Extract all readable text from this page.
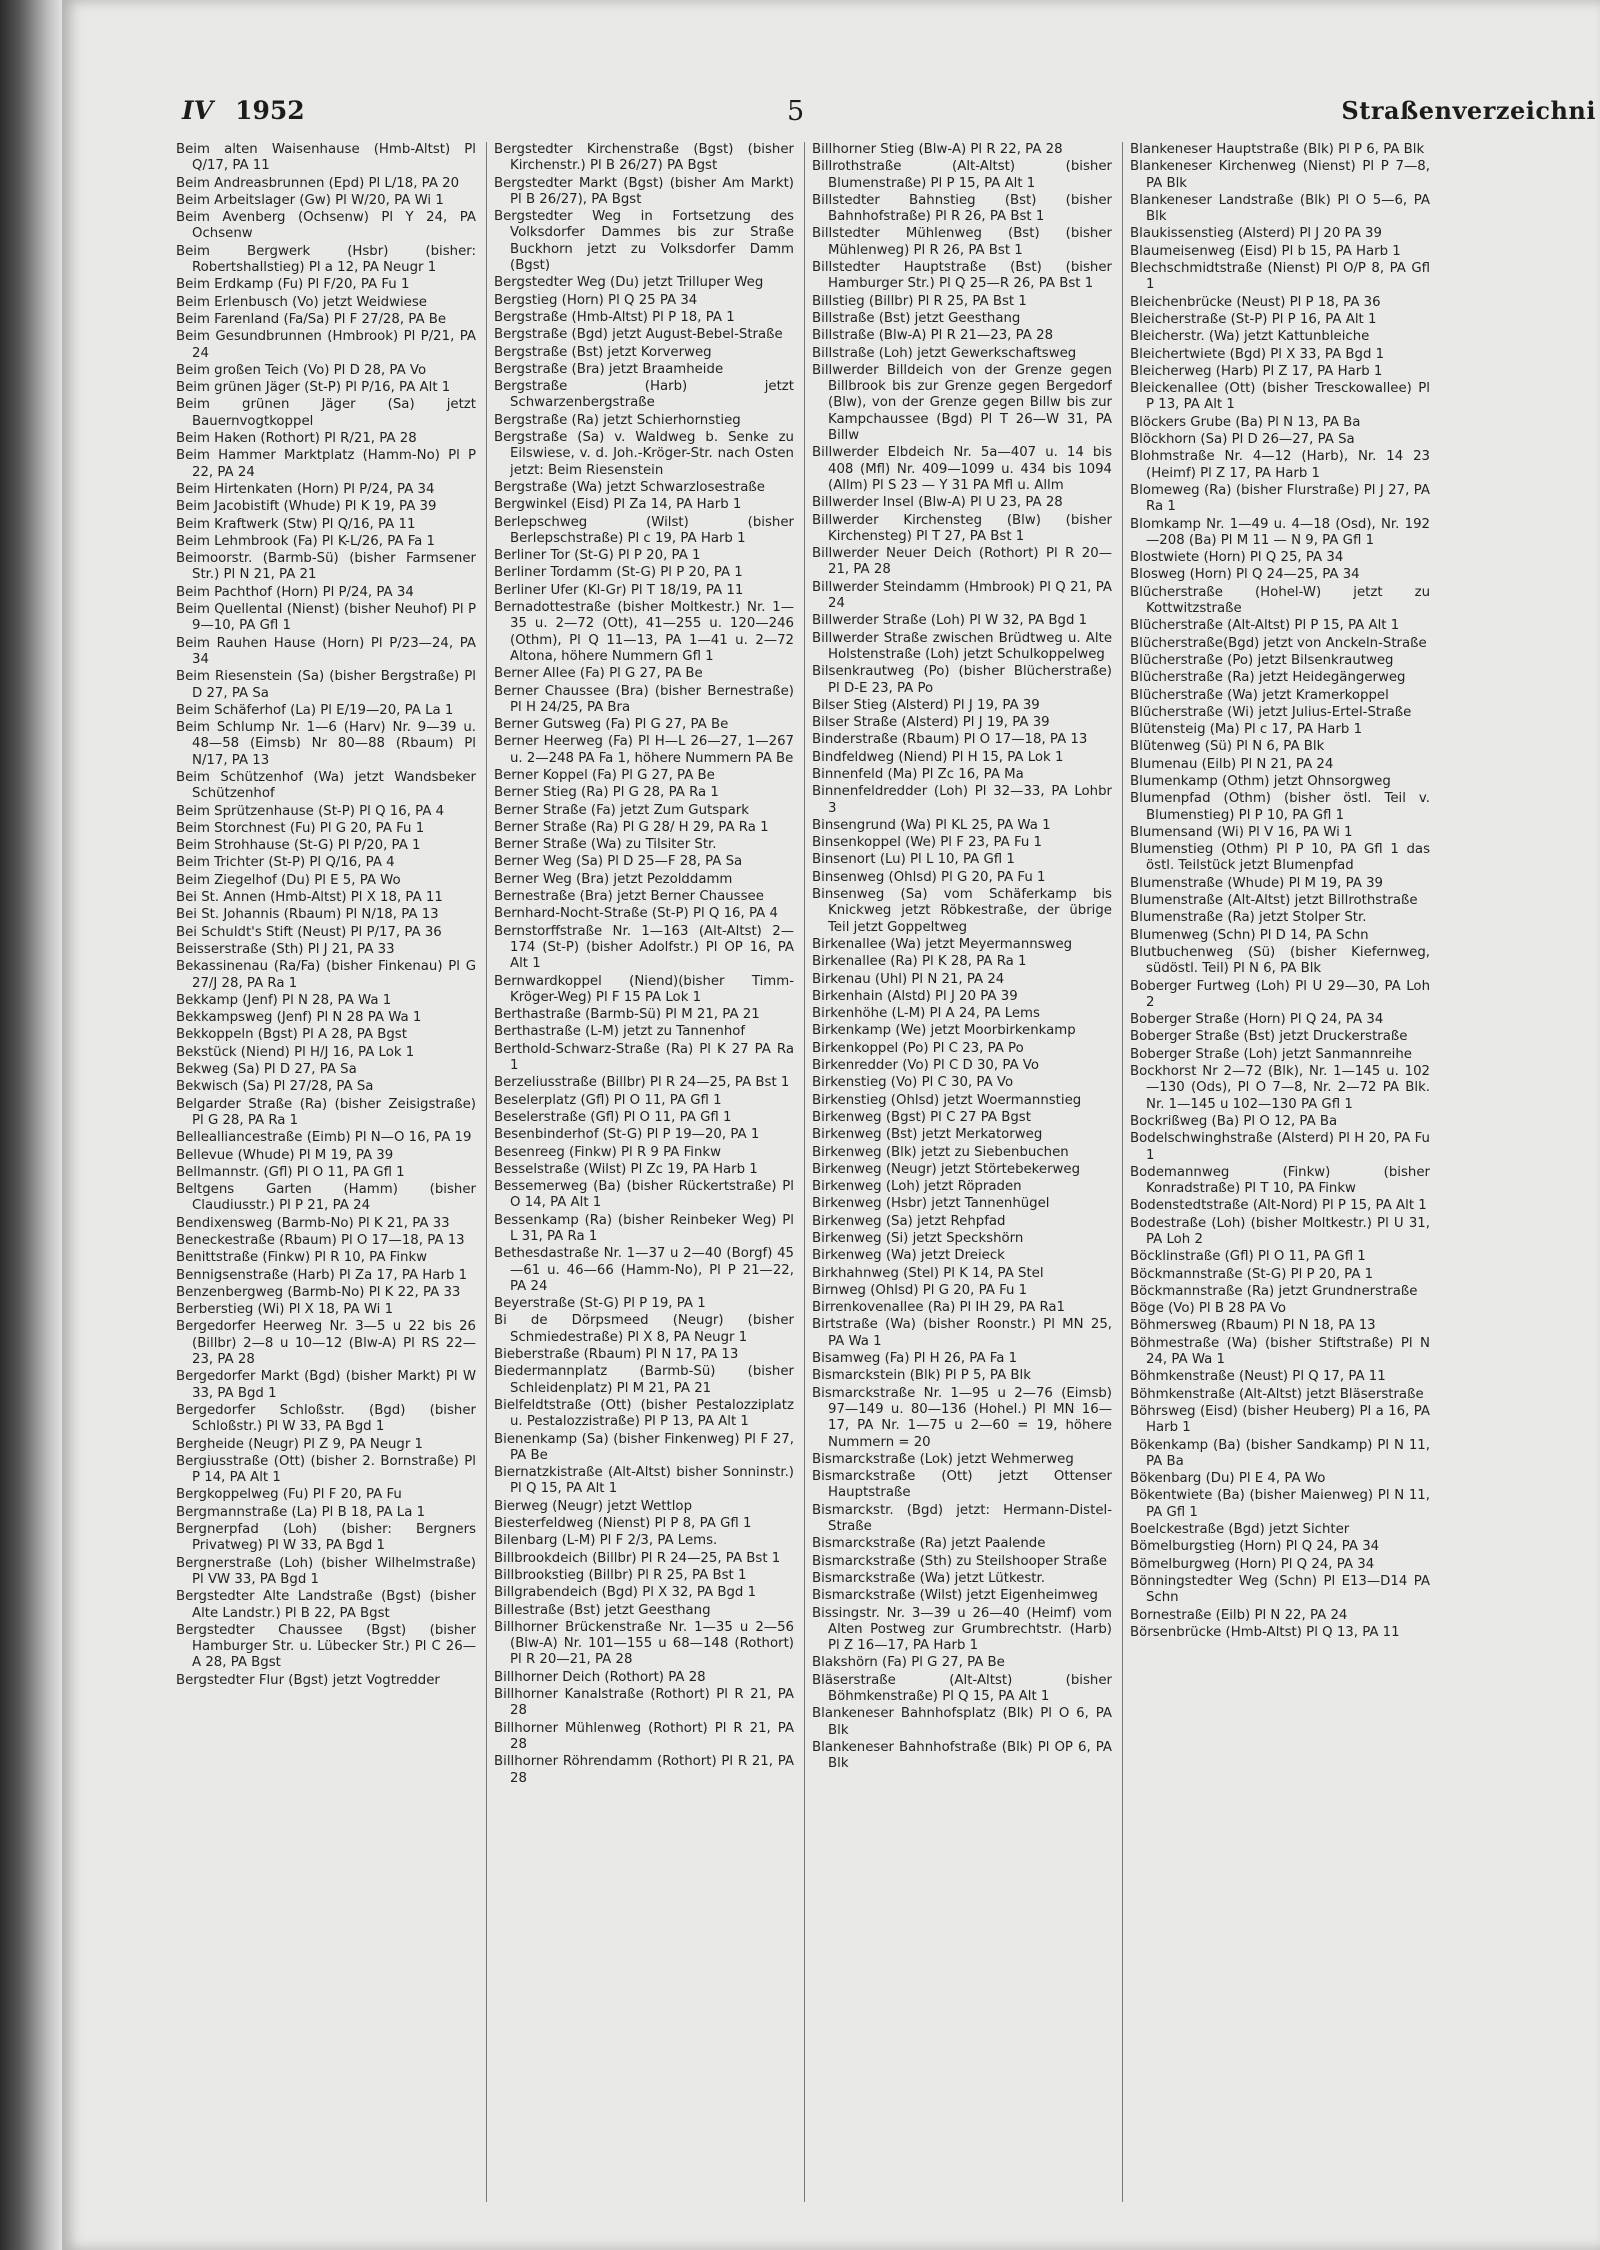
IV 1952	5	Straßenverzeichni
Beim alten Waisenhause (Hmb-Altst) Pl Q/17, PA 11
Beim Andreasbrunnen (Epd) Pl L/18, PA 20
Beim Arbeitslager (Gw) Pl W/20, PA Wi 1
Beim Avenberg (Ochsenw) Pl Y 24, PA Ochsenw
Beim Bergwerk (Hsbr) (bisher: Robertshallstieg) Pl a 12, PA Neugr 1
Beim Erdkamp (Fu) Pl F/20, PA Fu 1
Beim Erlenbusch (Vo) jetzt Weidwiese
Beim Farenland (Fa/Sa) Pl F 27/28, PA Be
Beim Gesundbrunnen (Hmbrook) Pl P/21, PA 24
Beim großen Teich (Vo) Pl D 28, PA Vo
Beim grünen Jäger (St-P) Pl P/16, PA Alt 1
Beim grünen Jäger (Sa) jetzt Bauernvogtkoppel
Beim Haken (Rothort) Pl R/21, PA 28
Beim Hammer Marktplatz (Hamm-No) Pl P 22, PA 24
Beim Hirtenkaten (Horn) Pl P/24, PA 34
Beim Jacobistift (Whude) Pl K 19, PA 39
Beim Kraftwerk (Stw) Pl Q/16, PA 11
Beim Lehmbrook (Fa) Pl K-L/26, PA Fa 1
Beimoorstr. (Barmb-Sü) (bisher Farmsener Str.) Pl N 21, PA 21
Beim Pachthof (Horn) Pl P/24, PA 34
Beim Quellental (Nienst) (bisher Neuhof) Pl P 9—10, PA Gfl 1
Beim Rauhen Hause (Horn) Pl P/23—24, PA 34
Beim Riesenstein (Sa) (bisher Bergstraße) Pl D 27, PA Sa
Beim Schäferhof (La) Pl E/19—20, PA La 1
Beim Schlump Nr. 1—6 (Harv) Nr. 9—39 u. 48—58 (Eimsb) Nr 80—88 (Rbaum) Pl N/17, PA 13
Beim Schützenhof (Wa) jetzt Wandsbeker Schützenhof
Beim Sprützenhause (St-P) Pl Q 16, PA 4
Beim Storchnest (Fu) Pl G 20, PA Fu 1
Beim Strohhause (St-G) Pl P/20, PA 1
Beim Trichter (St-P) Pl Q/16, PA 4
Beim Ziegelhof (Du) Pl E 5, PA Wo
Bei St. Annen (Hmb-Altst) Pl X 18, PA 11
Bei St. Johannis (Rbaum) Pl N/18, PA 13
Bei Schuldt's Stift (Neust) Pl P/17, PA 36
Beisserstraße (Sth) Pl J 21, PA 33
Bekassinenau (Ra/Fa) (bisher Finkenau) Pl G 27/J 28, PA Ra 1
Bekkamp (Jenf) Pl N 28, PA Wa 1
Bekkampsweg (Jenf) Pl N 28 PA Wa 1
Bekkoppeln (Bgst) Pl A 28, PA Bgst
Bekstück (Niend) Pl H/J 16, PA Lok 1
Bekweg (Sa) Pl D 27, PA Sa
Bekwisch (Sa) Pl 27/28, PA Sa
Belgarder Straße (Ra) (bisher Zeisigstraße) Pl G 28, PA Ra 1
Bellealliancestraße (Eimb) Pl N—O 16, PA 19
Bellevue (Whude) Pl M 19, PA 39
Bellmannstr. (Gfl) Pl O 11, PA Gfl 1
Beltgens Garten (Hamm) (bisher Claudiusstr.) Pl P 21, PA 24
Bendixensweg (Barmb-No) Pl K 21, PA 33
Beneckestraße (Rbaum) Pl O 17—18, PA 13
Benittstraße (Finkw) Pl R 10, PA Finkw
Bennigsenstraße (Harb) Pl Za 17, PA Harb 1
Benzenbergweg (Barmb-No) Pl K 22, PA 33
Berberstieg (Wi) Pl X 18, PA Wi 1
Bergedorfer Heerweg Nr. 3—5 u 22 bis 26 (Billbr) 2—8 u 10—12 (Blw-A) Pl RS 22—23, PA 28
Bergedorfer Markt (Bgd) (bisher Markt) Pl W 33, PA Bgd 1
Bergedorfer Schloßstr. (Bgd) (bisher Schloßstr.) Pl W 33, PA Bgd 1
Bergheide (Neugr) Pl Z 9, PA Neugr 1
Bergiusstraße (Ott) (bisher 2. Bornstraße) Pl P 14, PA Alt 1
Bergkoppelweg (Fu) Pl F 20, PA Fu
Bergmannstraße (La) Pl B 18, PA La 1
Bergnerpfad (Loh) (bisher: Bergners Privatweg) Pl W 33, PA Bgd 1
Bergnerstraße (Loh) (bisher Wilhelmstraße) Pl VW 33, PA Bgd 1
Bergstedter Alte Landstraße (Bgst) (bisher Alte Landstr.) Pl B 22, PA Bgst
Bergstedter Chaussee (Bgst) (bisher Hamburger Str. u. Lübecker Str.) Pl C 26—A 28, PA Bgst
Bergstedter Flur (Bgst) jetzt Vogtredder
Bergstedter Kirchenstraße (Bgst) (bisher Kirchenstr.) Pl B 26/27) PA Bgst
Bergstedter Markt (Bgst) (bisher Am Markt) Pl B 26/27), PA Bgst
Bergstedter Weg in Fortsetzung des Volksdorfer Dammes bis zur Straße Buckhorn jetzt zu Volksdorfer Damm (Bgst)
Bergstedter Weg (Du) jetzt Trilluper Weg
Bergstieg (Horn) Pl Q 25 PA 34
Bergstraße (Hmb-Altst) Pl P 18, PA 1
Bergstraße (Bgd) jetzt August-Bebel-Straße
Bergstraße (Bst) jetzt Korverweg
Bergstraße (Bra) jetzt Braamheide
Bergstraße (Harb) jetzt Schwarzenbergstraße
Bergstraße (Ra) jetzt Schierhornstieg
Bergstraße (Sa) v. Waldweg b. Senke zu Eilswiese, v. d. Joh.-Kröger-Str. nach Osten jetzt: Beim Riesenstein
Bergstraße (Wa) jetzt Schwarzlosestraße
Bergwinkel (Eisd) Pl Za 14, PA Harb 1
Berlepschweg (Wilst) (bisher Berlepschstraße) Pl c 19, PA Harb 1
Berliner Tor (St-G) Pl P 20, PA 1
Berliner Tordamm (St-G) Pl P 20, PA 1
Berliner Ufer (Kl-Gr) Pl T 18/19, PA 11
Bernadottestraße (bisher Moltkestr.) Nr. 1—35 u. 2—72 (Ott), 41—255 u. 120—246 (Othm), Pl Q 11—13, PA 1—41 u. 2—72 Altona, höhere Nummern Gfl 1
Berner Allee (Fa) Pl G 27, PA Be
Berner Chaussee (Bra) (bisher Bernestraße) Pl H 24/25, PA Bra
Berner Gutsweg (Fa) Pl G 27, PA Be
Berner Heerweg (Fa) Pl H—L 26—27, 1—267 u. 2—248 PA Fa 1, höhere Nummern PA Be
Berner Koppel (Fa) Pl G 27, PA Be
Berner Stieg (Ra) Pl G 28, PA Ra 1
Berner Straße (Fa) jetzt Zum Gutspark
Berner Straße (Ra) Pl G 28/ H 29, PA Ra 1
Berner Straße (Wa) zu Tilsiter Str.
Berner Weg (Sa) Pl D 25—F 28, PA Sa
Berner Weg (Bra) jetzt Pezolddamm
Bernestraße (Bra) jetzt Berner Chaussee
Bernhard-Nocht-Straße (St-P) Pl Q 16, PA 4
Bernstorffstraße Nr. 1—163 (Alt-Altst) 2—174 (St-P) (bisher Adolfstr.) Pl OP 16, PA Alt 1
Bernwardkoppel (Niend)(bisher Timm-Kröger-Weg) Pl F 15 PA Lok 1
Berthastraße (Barmb-Sü) Pl M 21, PA 21
Berthastraße (L-M) jetzt zu Tannenhof
Berthold-Schwarz-Straße (Ra) Pl K 27 PA Ra 1
Berzeliusstraße (Billbr) Pl R 24—25, PA Bst 1
Beselerplatz (Gfl) Pl O 11, PA Gfl 1
Beselerstraße (Gfl) Pl O 11, PA Gfl 1
Besenbinderhof (St-G) Pl P 19—20, PA 1
Besenreeg (Finkw) Pl R 9 PA Finkw
Besselstraße (Wilst) Pl Zc 19, PA Harb 1
Bessemerweg (Ba) (bisher Rückertstraße) Pl O 14, PA Alt 1
Bessenkamp (Ra) (bisher Reinbeker Weg) Pl L 31, PA Ra 1
Bethesdastraße Nr. 1—37 u 2—40 (Borgf) 45—61 u. 46—66 (Hamm-No), Pl P 21—22, PA 24
Beyerstraße (St-G) Pl P 19, PA 1
Bi de Dörpsmeed (Neugr) (bisher Schmiedestraße) Pl X 8, PA Neugr 1
Bieberstraße (Rbaum) Pl N 17, PA 13
Biedermannplatz (Barmb-Sü) (bisher Schleidenplatz) Pl M 21, PA 21
Bielfeldtstraße (Ott) (bisher Pestalozziplatz u. Pestalozzistraße) Pl P 13, PA Alt 1
Bienenkamp (Sa) (bisher Finkenweg) Pl F 27, PA Be
Biernatzkistraße (Alt-Altst) bisher Sonninstr.) Pl Q 15, PA Alt 1
Bierweg (Neugr) jetzt Wettlop
Biesterfeldweg (Nienst) Pl P 8, PA Gfl 1
Bilenbarg (L-M) Pl F 2/3, PA Lems.
Billbrookdeich (Billbr) Pl R 24—25, PA Bst 1
Billbrookstieg (Billbr) Pl R 25, PA Bst 1
Billgrabendeich (Bgd) Pl X 32, PA Bgd 1
Billestraße (Bst) jetzt Geesthang
Billhorner Brückenstraße Nr. 1—35 u 2—56 (Blw-A) Nr. 101—155 u 68—148 (Rothort) Pl R 20—21, PA 28
Billhorner Deich (Rothort) PA 28
Billhorner Kanalstraße (Rothort) Pl R 21, PA 28
Billhorner Mühlenweg (Rothort) Pl R 21, PA 28
Billhorner Röhrendamm (Rothort) Pl R 21, PA 28
Billhorner Stieg (Blw-A) Pl R 22, PA 28
Billrothstraße (Alt-Altst) (bisher Blumenstraße) Pl P 15, PA Alt 1
Billstedter Bahnstieg (Bst) (bisher Bahnhofstraße) Pl R 26, PA Bst 1
Billstedter Mühlenweg (Bst) (bisher Mühlenweg) Pl R 26, PA Bst 1
Billstedter Hauptstraße (Bst) (bisher Hamburger Str.) Pl Q 25—R 26, PA Bst 1
Billstieg (Billbr) Pl R 25, PA Bst 1
Billstraße (Bst) jetzt Geesthang
Billstraße (Blw-A) Pl R 21—23, PA 28
Billstraße (Loh) jetzt Gewerkschaftsweg
Billwerder Billdeich von der Grenze gegen Billbrook bis zur Grenze gegen Bergedorf (Blw), von der Grenze gegen Billw bis zur Kampchaussee (Bgd) Pl T 26—W 31, PA Billw
Billwerder Elbdeich Nr. 5a—407 u. 14 bis 408 (Mfl) Nr. 409—1099 u. 434 bis 1094 (Allm) Pl S 23 — Y 31 PA Mfl u. Allm
Billwerder Insel (Blw-A) Pl U 23, PA 28
Billwerder Kirchensteg (Blw) (bisher Kirchensteg) Pl T 27, PA Bst 1
Billwerder Neuer Deich (Rothort) Pl R 20—21, PA 28
Billwerder Steindamm (Hmbrook) Pl Q 21, PA 24
Billwerder Straße (Loh) Pl W 32, PA Bgd 1
Billwerder Straße zwischen Brüdtweg u. Alte Holstenstraße (Loh) jetzt Schulkoppelweg
Bilsenkrautweg (Po) (bisher Blücherstraße) Pl D-E 23, PA Po
Bilser Stieg (Alsterd) Pl J 19, PA 39
Bilser Straße (Alsterd) Pl J 19, PA 39
Binderstraße (Rbaum) Pl O 17—18, PA 13
Bindfeldweg (Niend) Pl H 15, PA Lok 1
Binnenfeld (Ma) Pl Zc 16, PA Ma
Binnenfeldredder (Loh) Pl 32—33, PA Lohbr 3
Binsengrund (Wa) Pl KL 25, PA Wa 1
Binsenkoppel (We) Pl F 23, PA Fu 1
Binsenort (Lu) Pl L 10, PA Gfl 1
Binsenweg (Ohlsd) Pl G 20, PA Fu 1
Binsenweg (Sa) vom Schäferkamp bis Knickweg jetzt Röbkestraße, der übrige Teil jetzt Goppeltweg
Birkenallee (Wa) jetzt Meyermannsweg
Birkenallee (Ra) Pl K 28, PA Ra 1
Birkenau (Uhl) Pl N 21, PA 24
Birkenhain (Alstd) Pl J 20 PA 39
Birkenhöhe (L-M) Pl A 24, PA Lems
Birkenkamp (We) jetzt Moorbirkenkamp
Birkenkoppel (Po) Pl C 23, PA Po
Birkenredder (Vo) Pl C D 30, PA Vo
Birkenstieg (Vo) Pl C 30, PA Vo
Birkenstieg (Ohlsd) jetzt Woermannstieg
Birkenweg (Bgst) Pl C 27 PA Bgst
Birkenweg (Bst) jetzt Merkatorweg
Birkenweg (Blk) jetzt zu Siebenbuchen
Birkenweg (Neugr) jetzt Störtebekerweg
Birkenweg (Loh) jetzt Röpraden
Birkenweg (Hsbr) jetzt Tannenhügel
Birkenweg (Sa) jetzt Rehpfad
Birkenweg (Si) jetzt Speckshörn
Birkenweg (Wa) jetzt Dreieck
Birkhahnweg (Stel) Pl K 14, PA Stel
Birnweg (Ohlsd) Pl G 20, PA Fu 1
Birrenkovenallee (Ra) Pl IH 29, PA Ra1
Birtstraße (Wa) (bisher Roonstr.) Pl MN 25, PA Wa 1
Bisamweg (Fa) Pl H 26, PA Fa 1
Bismarckstein (Blk) Pl P 5, PA Blk
Bismarckstraße Nr. 1—95 u 2—76 (Eimsb) 97—149 u. 80—136 (Hohel.) Pl MN 16—17, PA Nr. 1—75 u 2—60 = 19, höhere Nummern = 20
Bismarckstraße (Lok) jetzt Wehmerweg
Bismarckstraße (Ott) jetzt Ottenser Hauptstraße
Bismarckstr. (Bgd) jetzt: Hermann-Distel-Straße
Bismarckstraße (Ra) jetzt Paalende
Bismarckstraße (Sth) zu Steilshooper Straße
Bismarckstraße (Wa) jetzt Lütkestr.
Bismarckstraße (Wilst) jetzt Eigenheimweg
Bissingstr. Nr. 3—39 u 26—40 (Heimf) vom Alten Postweg zur Grumbrechtstr. (Harb) Pl Z 16—17, PA Harb 1
Blakshörn (Fa) Pl G 27, PA Be
Bläserstraße (Alt-Altst) (bisher Böhmkenstraße) Pl Q 15, PA Alt 1
Blankeneser Bahnhofsplatz (Blk) Pl O 6, PA Blk
Blankeneser Bahnhofstraße (Blk) Pl OP 6, PA Blk
Blankeneser Hauptstraße (Blk) Pl P 6, PA Blk
Blankeneser Kirchenweg (Nienst) Pl P 7—8, PA Blk
Blankeneser Landstraße (Blk) Pl O 5—6, PA Blk
Blaukissenstieg (Alsterd) Pl J 20 PA 39
Blaumeisenweg (Eisd) Pl b 15, PA Harb 1
Blechschmidtstraße (Nienst) Pl O/P 8, PA Gfl 1
Bleichenbrücke (Neust) Pl P 18, PA 36
Bleicherstraße (St-P) Pl P 16, PA Alt 1
Bleicherstr. (Wa) jetzt Kattunbleiche
Bleichertwiete (Bgd) Pl X 33, PA Bgd 1
Bleicherweg (Harb) Pl Z 17, PA Harb 1
Bleickenallee (Ott) (bisher Tresckowallee) Pl P 13, PA Alt 1
Blöckers Grube (Ba) Pl N 13, PA Ba
Blöckhorn (Sa) Pl D 26—27, PA Sa
Blohmstraße Nr. 4—12 (Harb), Nr. 14 23 (Heimf) Pl Z 17, PA Harb 1
Blomeweg (Ra) (bisher Flurstraße) Pl J 27, PA Ra 1
Blomkamp Nr. 1—49 u. 4—18 (Osd), Nr. 192—208 (Ba) Pl M 11 — N 9, PA Gfl 1
Blostwiete (Horn) Pl Q 25, PA 34
Blosweg (Horn) Pl Q 24—25, PA 34
Blücherstraße (Hohel-W) jetzt zu Kottwitzstraße
Blücherstraße (Alt-Altst) Pl P 15, PA Alt 1
Blücherstraße(Bgd) jetzt von Anckeln-Straße
Blücherstraße (Po) jetzt Bilsenkrautweg
Blücherstraße (Ra) jetzt Heidegängerweg
Blücherstraße (Wa) jetzt Kramerkoppel
Blücherstraße (Wi) jetzt Julius-Ertel-Straße
Blütensteig (Ma) Pl c 17, PA Harb 1
Blütenweg (Sü) Pl N 6, PA Blk
Blumenau (Eilb) Pl N 21, PA 24
Blumenkamp (Othm) jetzt Ohnsorgweg
Blumenpfad (Othm) (bisher östl. Teil v. Blumenstieg) Pl P 10, PA Gfl 1
Blumensand (Wi) Pl V 16, PA Wi 1
Blumenstieg (Othm) Pl P 10, PA Gfl 1 das östl. Teilstück jetzt Blumenpfad
Blumenstraße (Whude) Pl M 19, PA 39
Blumenstraße (Alt-Altst) jetzt Billrothstraße
Blumenstraße (Ra) jetzt Stolper Str.
Blumenweg (Schn) Pl D 14, PA Schn
Blutbuchenweg (Sü) (bisher Kiefernweg, südöstl. Teil) Pl N 6, PA Blk
Boberger Furtweg (Loh) Pl U 29—30, PA Loh 2
Boberger Straße (Horn) Pl Q 24, PA 34
Boberger Straße (Bst) jetzt Druckerstraße
Boberger Straße (Loh) jetzt Sanmannreihe
Bockhorst Nr 2—72 (Blk), Nr. 1—145 u. 102—130 (Ods), Pl O 7—8, Nr. 2—72 PA Blk. Nr. 1—145 u 102—130 PA Gfl 1
Bockrißweg (Ba) Pl O 12, PA Ba
Bodelschwinghstraße (Alsterd) Pl H 20, PA Fu 1
Bodemannweg (Finkw) (bisher Konradstraße) Pl T 10, PA Finkw
Bodenstedtstraße (Alt-Nord) Pl P 15, PA Alt 1
Bodestraße (Loh) (bisher Moltkestr.) Pl U 31, PA Loh 2
Böcklinstraße (Gfl) Pl O 11, PA Gfl 1
Böckmannstraße (St-G) Pl P 20, PA 1
Böckmannstraße (Ra) jetzt Grundnerstraße
Böge (Vo) Pl B 28 PA Vo
Böhmersweg (Rbaum) Pl N 18, PA 13
Böhmestraße (Wa) (bisher Stiftstraße) Pl N 24, PA Wa 1
Böhmkenstraße (Neust) Pl Q 17, PA 11
Böhmkenstraße (Alt-Altst) jetzt Bläserstraße
Böhrsweg (Eisd) (bisher Heuberg) Pl a 16, PA Harb 1
Bökenkamp (Ba) (bisher Sandkamp) Pl N 11, PA Ba
Bökenbarg (Du) Pl E 4, PA Wo
Bökentwiete (Ba) (bisher Maienweg) Pl N 11, PA Gfl 1
Boelckestraße (Bgd) jetzt Sichter
Bömelburgstieg (Horn) Pl Q 24, PA 34
Bömelburgweg (Horn) Pl Q 24, PA 34
Bönningstedter Weg (Schn) Pl E13—D14 PA Schn
Bornestraße (Eilb) Pl N 22, PA 24
Börsenbrücke (Hmb-Altst) Pl Q 13, PA 11
